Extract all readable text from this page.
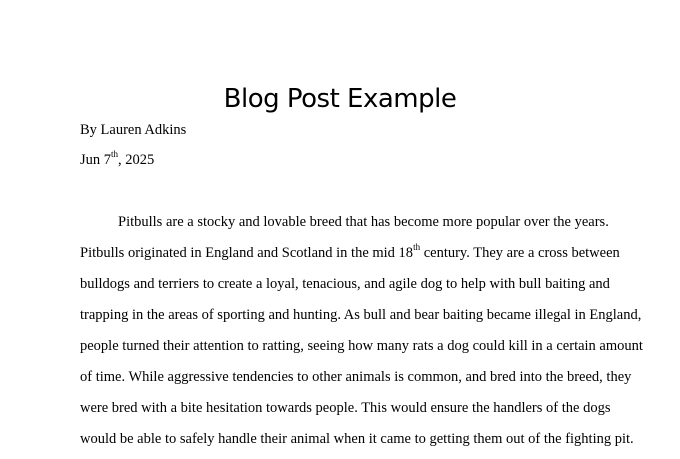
Blog Post Example

By Lauren Adkins

Jun 7th, 2025

Pitbulls are a stocky and lovable breed that has become more popular over the years.

Pitbulls originated in England and Scotland in the mid 18th century. They are a cross between

bulldogs and terriers to create a loyal, tenacious, and agile dog to help with bull baiting and

trapping in the areas of sporting and hunting. As bull and bear baiting became illegal in England,

people turned their attention to ratting, seeing how many rats a dog could kill in a certain amount

of time. While aggressive tendencies to other animals is common, and bred into the breed, they

were bred with a bite hesitation towards people. This would ensure the handlers of the dogs

would be able to safely handle their animal when it came to getting them out of the fighting pit.
